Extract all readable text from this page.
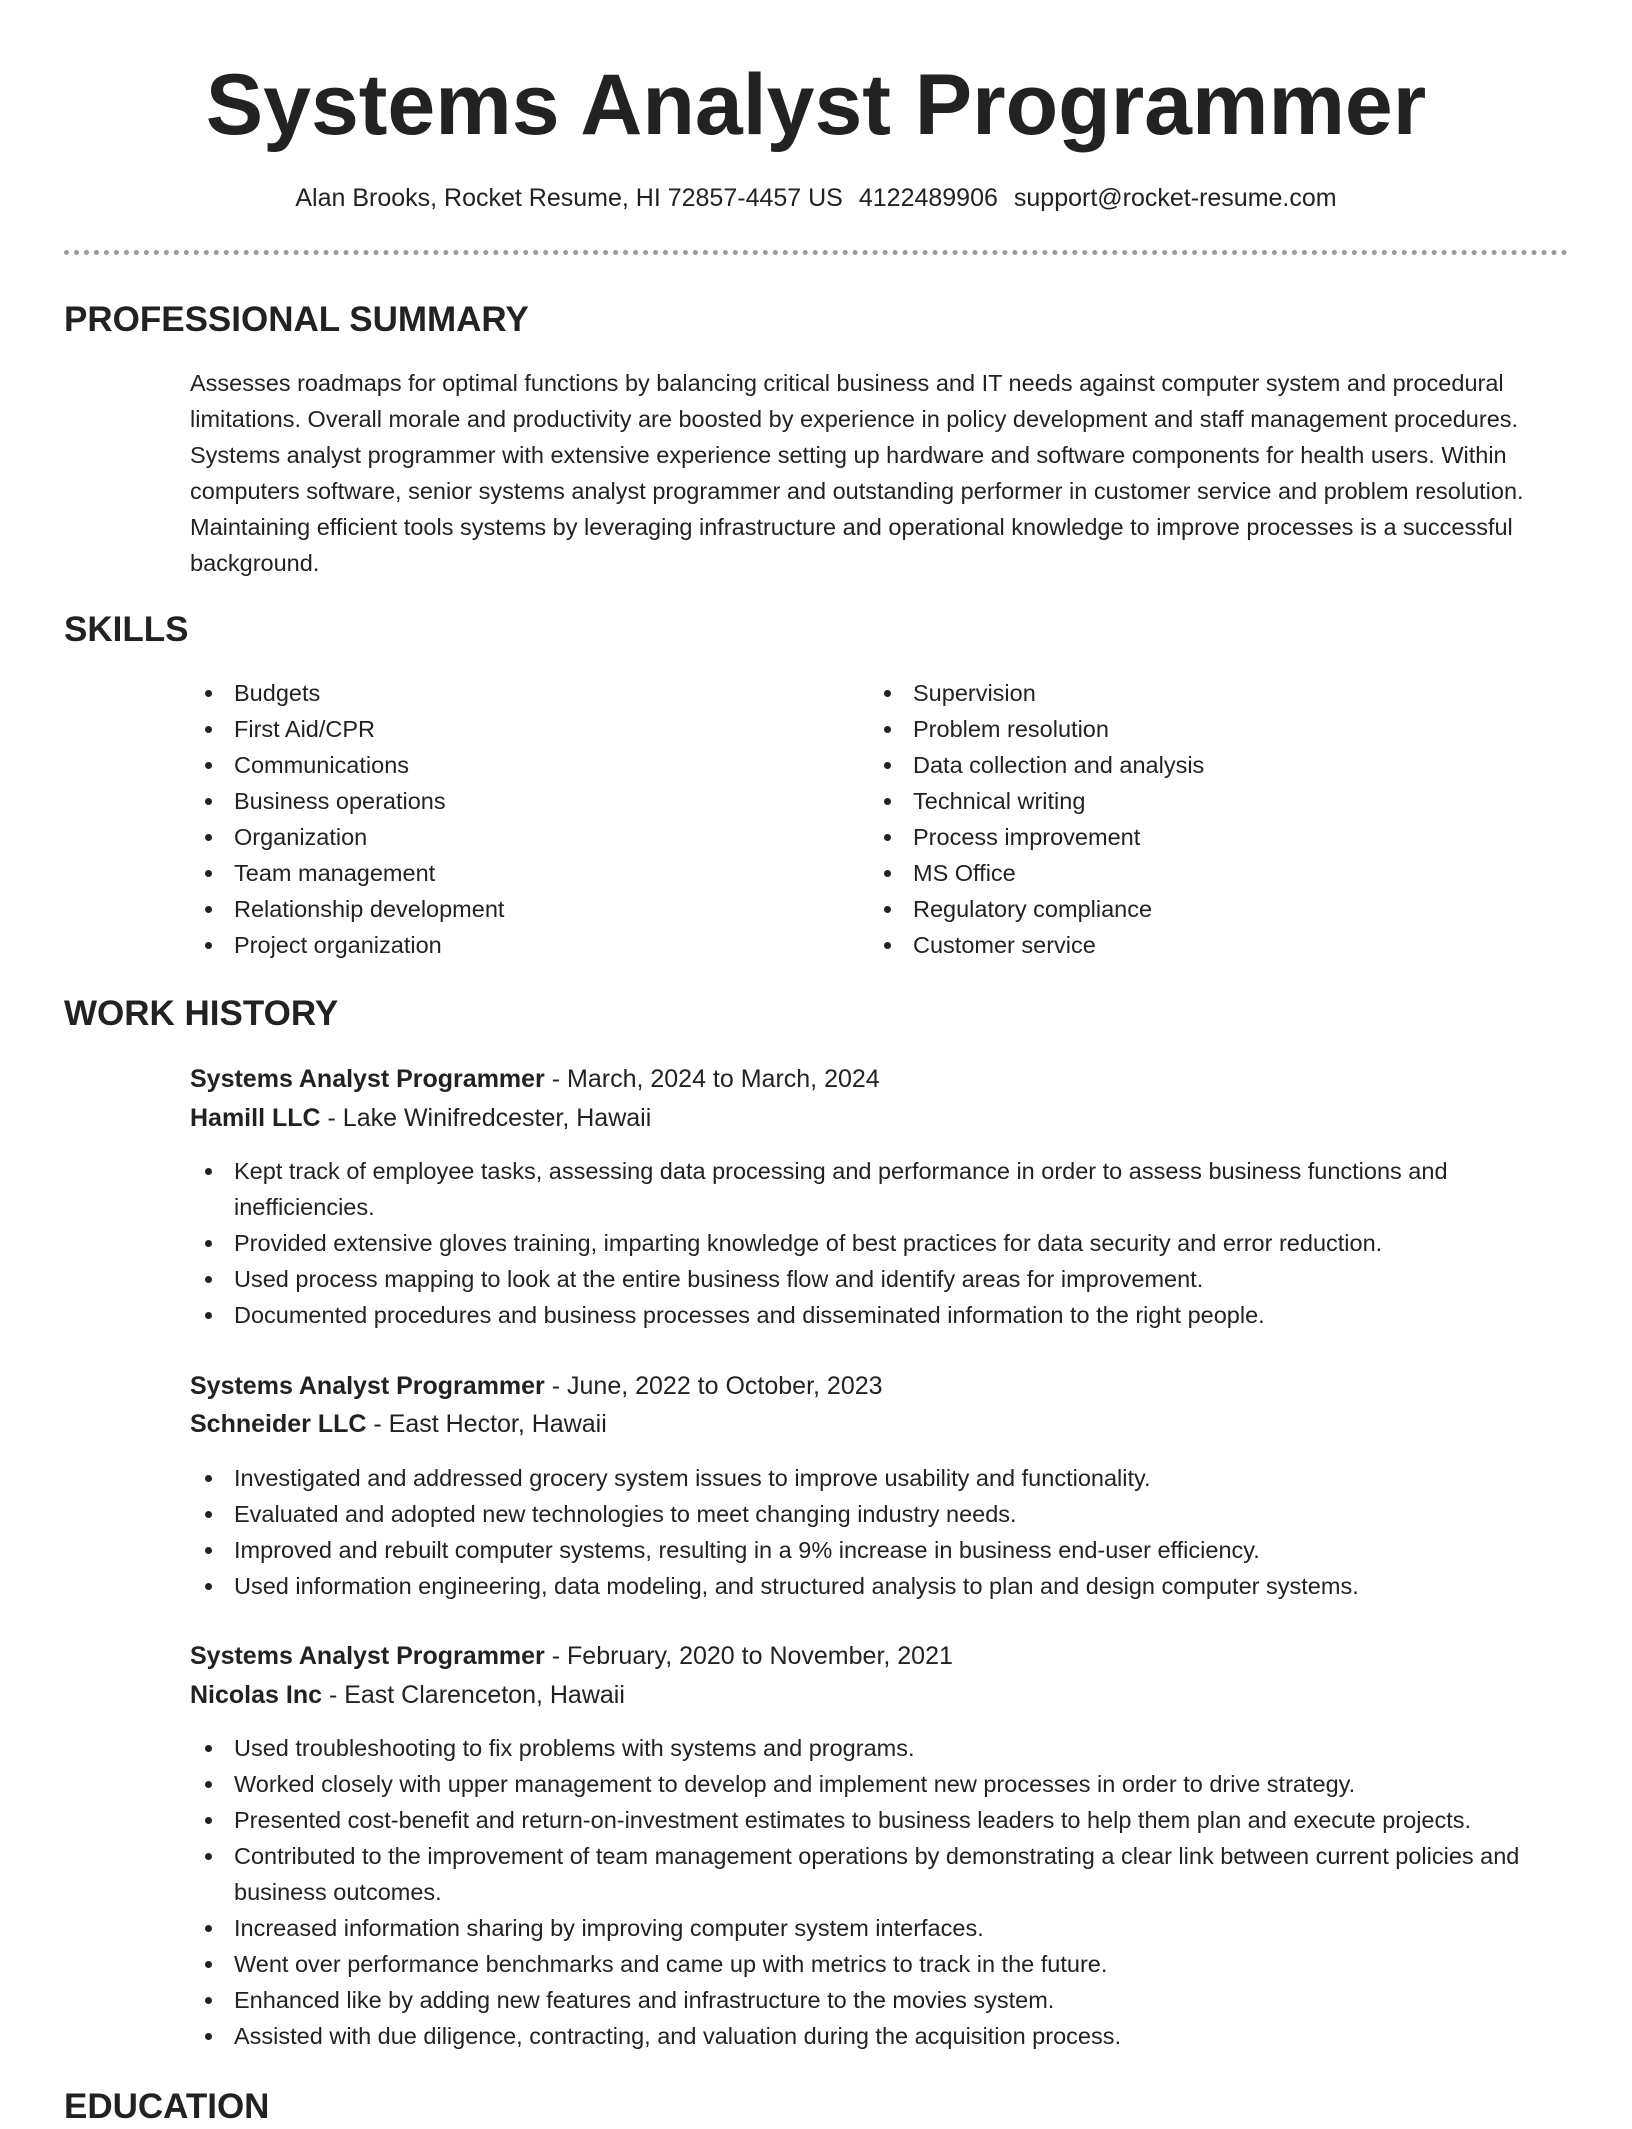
Systems Analyst Programmer
Alan Brooks, Rocket Resume, HI 72857-4457 US 4122489906 support@rocket-resume.com
PROFESSIONAL SUMMARY
Assesses roadmaps for optimal functions by balancing critical business and IT needs against computer system and procedural limitations. Overall morale and productivity are boosted by experience in policy development and staff management procedures. Systems analyst programmer with extensive experience setting up hardware and software components for health users. Within computers software, senior systems analyst programmer and outstanding performer in customer service and problem resolution. Maintaining efficient tools systems by leveraging infrastructure and operational knowledge to improve processes is a successful background.
SKILLS
Budgets
First Aid/CPR
Communications
Business operations
Organization
Team management
Relationship development
Project organization
Supervision
Problem resolution
Data collection and analysis
Technical writing
Process improvement
MS Office
Regulatory compliance
Customer service
WORK HISTORY
Systems Analyst Programmer - March, 2024 to March, 2024
Hamill LLC - Lake Winifredcester, Hawaii
Kept track of employee tasks, assessing data processing and performance in order to assess business functions and inefficiencies.
Provided extensive gloves training, imparting knowledge of best practices for data security and error reduction.
Used process mapping to look at the entire business flow and identify areas for improvement.
Documented procedures and business processes and disseminated information to the right people.
Systems Analyst Programmer - June, 2022 to October, 2023
Schneider LLC - East Hector, Hawaii
Investigated and addressed grocery system issues to improve usability and functionality.
Evaluated and adopted new technologies to meet changing industry needs.
Improved and rebuilt computer systems, resulting in a 9% increase in business end-user efficiency.
Used information engineering, data modeling, and structured analysis to plan and design computer systems.
Systems Analyst Programmer - February, 2020 to November, 2021
Nicolas Inc - East Clarenceton, Hawaii
Used troubleshooting to fix problems with systems and programs.
Worked closely with upper management to develop and implement new processes in order to drive strategy.
Presented cost-benefit and return-on-investment estimates to business leaders to help them plan and execute projects.
Contributed to the improvement of team management operations by demonstrating a clear link between current policies and business outcomes.
Increased information sharing by improving computer system interfaces.
Went over performance benchmarks and came up with metrics to track in the future.
Enhanced like by adding new features and infrastructure to the movies system.
Assisted with due diligence, contracting, and valuation during the acquisition process.
EDUCATION
